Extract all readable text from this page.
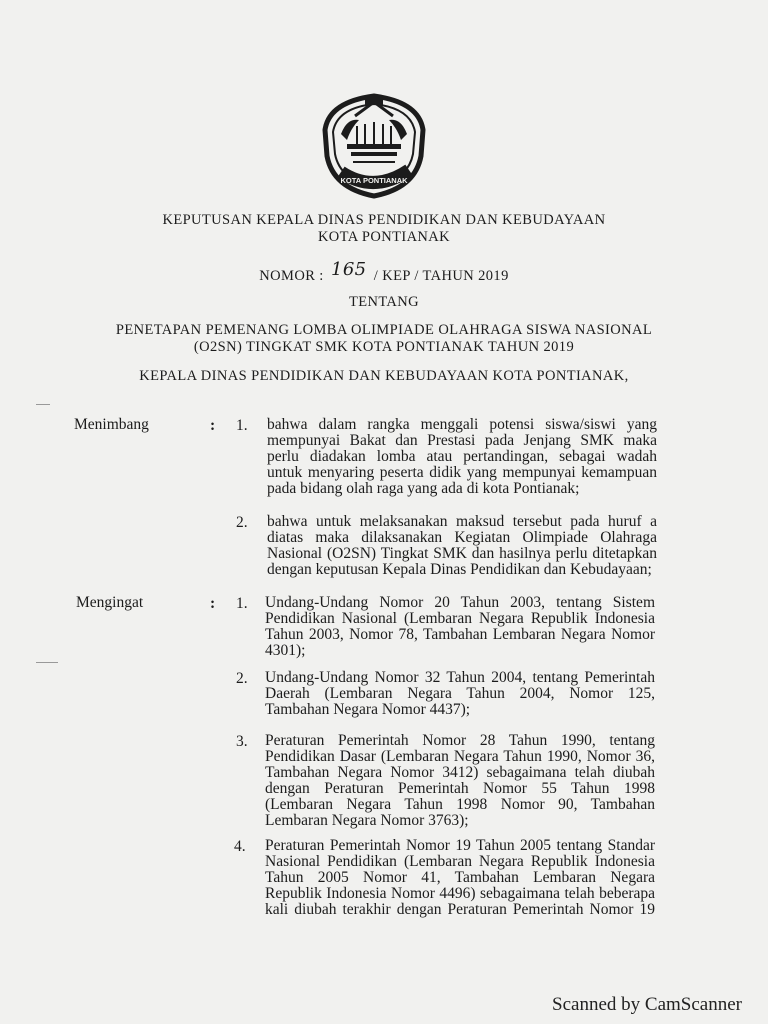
KOTA PONTIANAK
KEPUTUSAN KEPALA DINAS PENDIDIKAN DAN KEBUDAYAAN
KOTA PONTIANAK
NOMOR : 165 / KEP / TAHUN 2019
TENTANG
PENETAPAN PEMENANG LOMBA OLIMPIADE OLAHRAGA SISWA NASIONAL
(O2SN) TINGKAT SMK KOTA PONTIANAK TAHUN 2019
KEPALA DINAS PENDIDIKAN DAN KEBUDAYAAN KOTA PONTIANAK,
Menimbang	: 1. bahwa dalam rangka menggali potensi siswa/siswi yang

mempunyai Bakat dan Prestasi pada Jenjang SMK maka

perlu diadakan lomba atau pertandingan, sebagai wadah

untuk menyaring peserta didik yang mempunyai kemampuan

pada bidang olah raga yang ada di kota Pontianak;

2. bahwa untuk melaksanakan maksud tersebut pada huruf a

diatas maka dilaksanakan Kegiatan Olimpiade Olahraga

Nasional (O2SN) Tingkat SMK dan hasilnya perlu ditetapkan

dengan keputusan Kepala Dinas Pendidikan dan Kebudayaan;

Mengingat	: 1. Undang-Undang Nomor 20 Tahun 2003, tentang Sistem

Pendidikan Nasional (Lembaran Negara Republik Indonesia

Tahun 2003, Nomor 78, Tambahan Lembaran Negara Nomor

4301);

2. Undang-Undang Nomor 32 Tahun 2004, tentang Pemerintah

Daerah (Lembaran Negara Tahun 2004, Nomor 125,

Tambahan Negara Nomor 4437);

3. Peraturan Pemerintah Nomor 28 Tahun 1990, tentang

Pendidikan Dasar (Lembaran Negara Tahun 1990, Nomor 36,

Tambahan Negara Nomor 3412) sebagaimana telah diubah

dengan Peraturan Pemerintah Nomor 55 Tahun 1998

(Lembaran Negara Tahun 1998 Nomor 90, Tambahan

Lembaran Negara Nomor 3763);

4. Peraturan Pemerintah Nomor 19 Tahun 2005 tentang Standar

Nasional Pendidikan (Lembaran Negara Republik Indonesia

Tahun 2005 Nomor 41, Tambahan Lembaran Negara

Republik Indonesia Nomor 4496) sebagaimana telah beberapa

kali diubah terakhir dengan Peraturan Pemerintah Nomor 19

Scanned by CamScanner
